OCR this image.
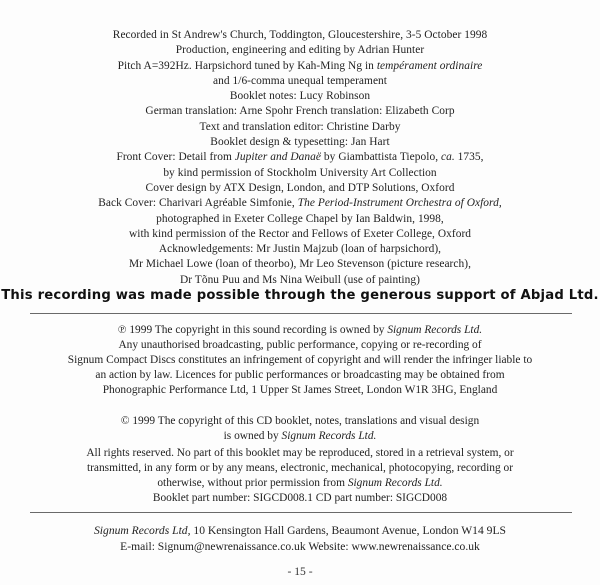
Recorded in St Andrew's Church, Toddington, Gloucestershire, 3-5 October 1998
Production, engineering and editing by Adrian Hunter
Pitch A=392Hz. Harpsichord tuned by Kah-Ming Ng in tempérament ordinaire
and 1/6-comma unequal temperament
Booklet notes: Lucy Robinson
German translation: Arne Spohr French translation: Elizabeth Corp
Text and translation editor: Christine Darby
Booklet design & typesetting: Jan Hart
Front Cover: Detail from Jupiter and Danaë by Giambattista Tiepolo, ca. 1735,
by kind permission of Stockholm University Art Collection
Cover design by ATX Design, London, and DTP Solutions, Oxford
Back Cover: Charivari Agréable Simfonie, The Period-Instrument Orchestra of Oxford,
photographed in Exeter College Chapel by Ian Baldwin, 1998,
with kind permission of the Rector and Fellows of Exeter College, Oxford
Acknowledgements: Mr Justin Majzub (loan of harpsichord),
Mr Michael Lowe (loan of theorbo), Mr Leo Stevenson (picture research),
Dr Tõnu Puu and Ms Nina Weibull (use of painting)
This recording was made possible through the generous support of Abjad Ltd.
℗ 1999 The copyright in this sound recording is owned by Signum Records Ltd.
Any unauthorised broadcasting, public performance, copying or re-recording of
Signum Compact Discs constitutes an infringement of copyright and will render the infringer liable to
an action by law. Licences for public performances or broadcasting may be obtained from
Phonographic Performance Ltd, 1 Upper St James Street, London W1R 3HG, England
© 1999 The copyright of this CD booklet, notes, translations and visual design
is owned by Signum Records Ltd.
All rights reserved. No part of this booklet may be reproduced, stored in a retrieval system, or
transmitted, in any form or by any means, electronic, mechanical, photocopying, recording or
otherwise, without prior permission from Signum Records Ltd.
Booklet part number: SIGCD008.1 CD part number: SIGCD008
Signum Records Ltd, 10 Kensington Hall Gardens, Beaumont Avenue, London W14 9LS
E-mail: Signum@newrenaissance.co.uk Website: www.newrenaissance.co.uk
- 15 -
